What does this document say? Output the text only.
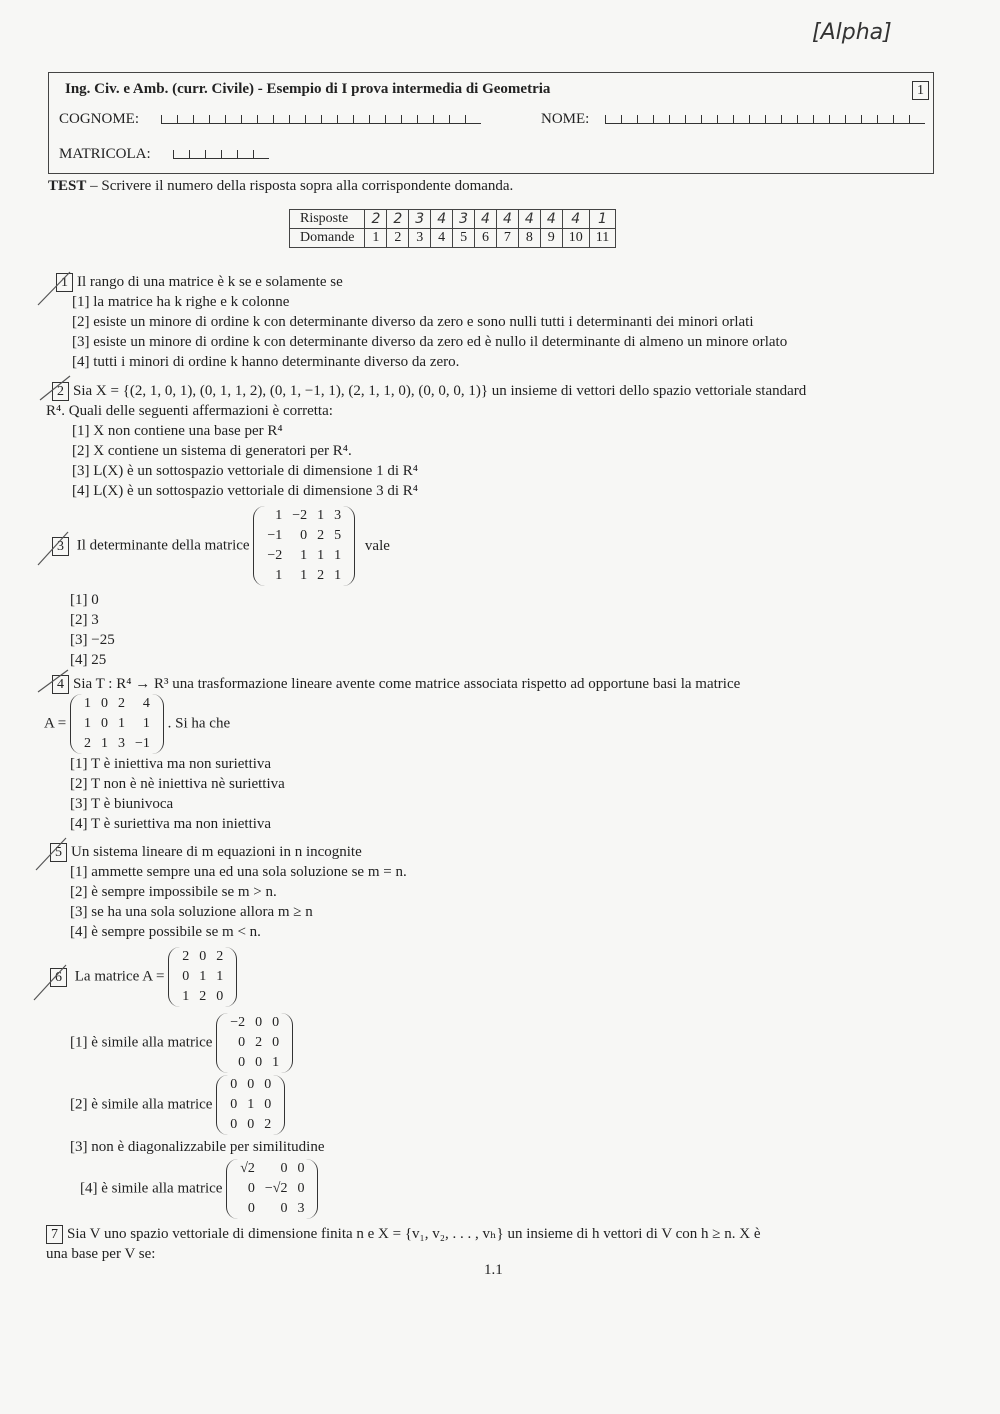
[Alpha]
Ing. Civ. e Amb. (curr. Civile) - Esempio di I prova intermedia di Geometria	1
COGNOME:	NOME:
MATRICOLA:
TEST – Scrivere il numero della risposta sopra alla corrispondente domanda.
Risposte	2	2	3	4	3	4	4	4	4	4	1
Domande	1	2	3	4	5	6	7	8	9	10	11
1 Il rango di una matrice è k se e solamente se
[1] la matrice ha k righe e k colonne
[2] esiste un minore di ordine k con determinante diverso da zero e sono nulli tutti i determinanti dei minori orlati
[3] esiste un minore di ordine k con determinante diverso da zero ed è nullo il determinante di almeno un minore orlato
[4] tutti i minori di ordine k hanno determinante diverso da zero.
2 Sia X = {(2, 1, 0, 1), (0, 1, 1, 2), (0, 1, −1, 1), (2, 1, 1, 0), (0, 0, 0, 1)} un insieme di vettori dello spazio vettoriale standard
R⁴. Quali delle seguenti affermazioni è corretta:
[1] X non contiene una base per R⁴
[2] X contiene un sistema di generatori per R⁴.
[3] L(X) è un sottospazio vettoriale di dimensione 1 di R⁴
[4] L(X) è un sottospazio vettoriale di dimensione 3 di R⁴
3 Il determinante della matrice
1	−2	1	3
−1	0	2	5
−2	1	1	1
1	1	2	1
vale
[1] 0
[2] 3
[3] −25
[4] 25
4 Sia T : R⁴ → R³ una trasformazione lineare avente come matrice associata rispetto ad opportune basi la matrice
A =
1	0	2	4
1	0	1	1
2	1	3	−1
. Si ha che
[1] T è iniettiva ma non suriettiva
[2] T non è nè iniettiva nè suriettiva
[3] T è biunivoca
[4] T è suriettiva ma non iniettiva
5 Un sistema lineare di m equazioni in n incognite
[1] ammette sempre una ed una sola soluzione se m = n.
[2] è sempre impossibile se m > n.
[3] se ha una sola soluzione allora m ≥ n
[4] è sempre possibile se m < n.
6 La matrice A =
2	0	2
0	1	1
1	2	0
[1] è simile alla matrice
−2	0	0
0	2	0
0	0	1
[2] è simile alla matrice
0	0	0
0	1	0
0	0	2
[3] non è diagonalizzabile per similitudine
[4] è simile alla matrice
√2	0	0
0	−√2	0
0	0	3
7 Sia V uno spazio vettoriale di dimensione finita n e X = {v₁, v₂, . . . , vₕ} un insieme di h vettori di V con h ≥ n. X è
una base per V se:
1.1
